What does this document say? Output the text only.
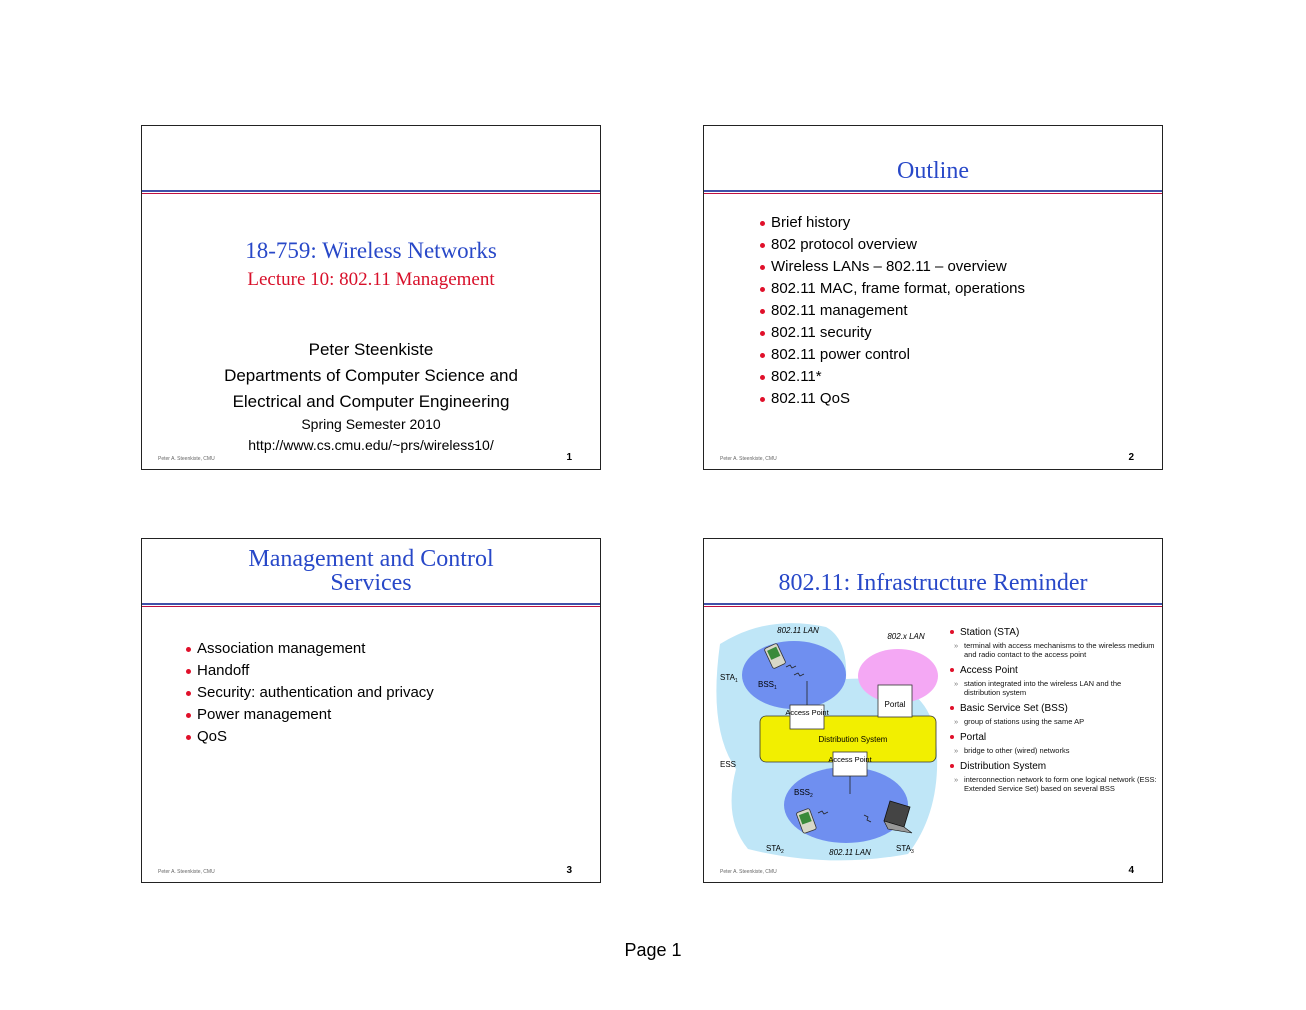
18-759: Wireless Networks
Lecture 10: 802.11 Management
Peter Steenkiste
Departments of Computer Science and
Electrical and Computer Engineering
Spring Semester 2010
http://www.cs.cmu.edu/~prs/wireless10/
Peter A. Steenkiste, CMU	1
Outline
Brief history
802 protocol overview
Wireless LANs – 802.11 – overview
802.11 MAC, frame format, operations
802.11 management
802.11 security
802.11 power control
802.11*
802.11 QoS
Peter A. Steenkiste, CMU	2
Management and Control
Services
Association management
Handoff
Security: authentication and privacy
Power management
QoS
Peter A. Steenkiste, CMU	3
802.11: Infrastructure Reminder
Distribution System
Portal
Access Point
Access Point
802.11 LAN
802.x LAN
$STA_1$	$BSS_1$
ESS
$BSS_2$
$STA_2$	802.11 LAN	$STA_3$
Station (STA)
» terminal with access mechanisms to the wireless medium and radio contact to the access point
Access Point
» station integrated into the wireless LAN and the distribution system
Basic Service Set (BSS)
» group of stations using the same AP
Portal
» bridge to other (wired) networks
Distribution System
» interconnection network to form one logical network (ESS: Extended Service Set) based on several BSS
Peter A. Steenkiste, CMU	4
Page 1
